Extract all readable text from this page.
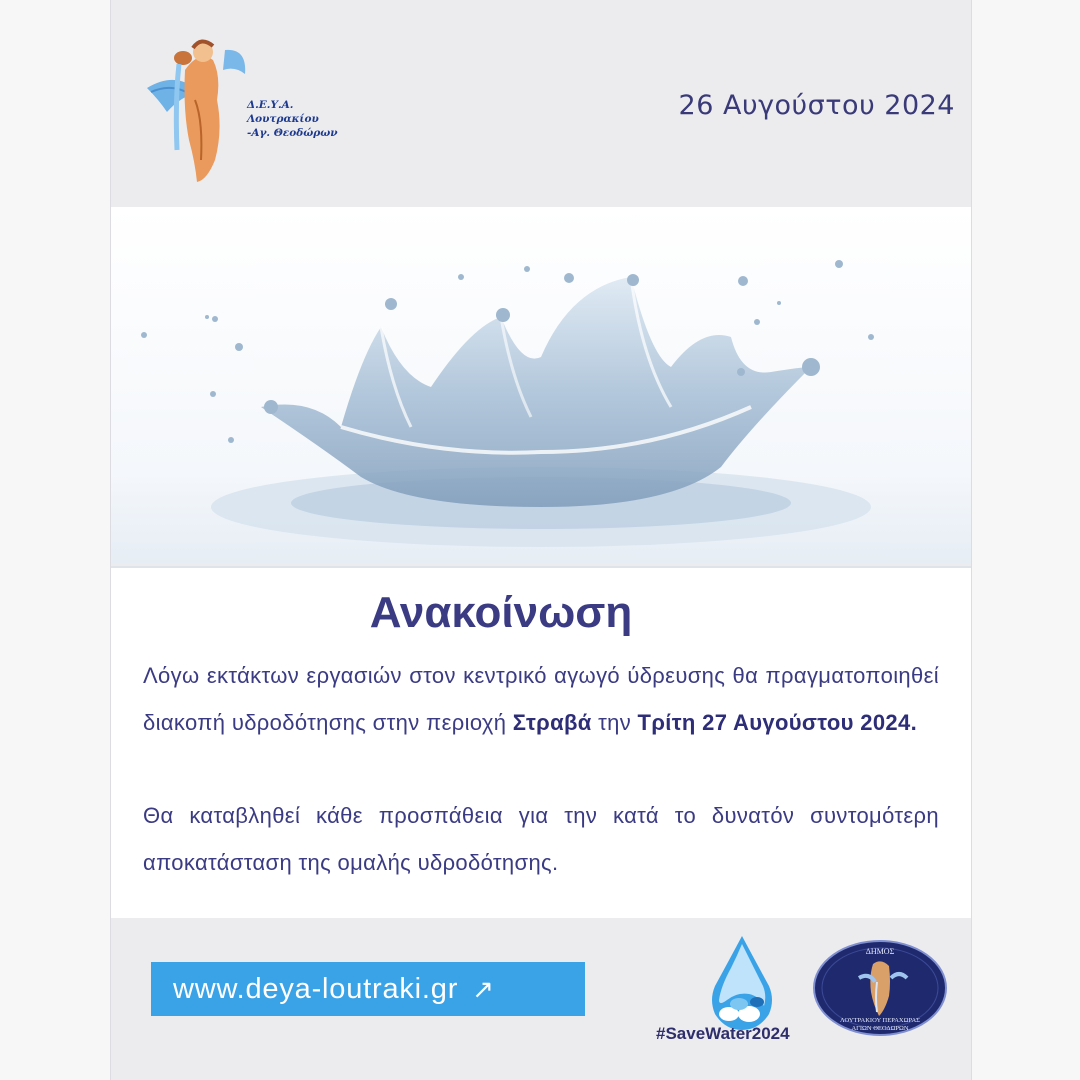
Δ.Ε.Υ.Α. Λουτρακίου
-Αγ. Θεοδώρων
26 Αυγούστου 2024
Ανακοίνωση

Λόγω εκτάκτων εργασιών στον κεντρικό αγωγό ύδρευσης θα πραγματοποιηθεί διακοπή υδροδότησης στην περιοχή Στραβά την Τρίτη 27 Αυγούστου 2024.

Θα καταβληθεί κάθε προσπάθεια για την κατά το δυνατόν συντομότερη αποκατάσταση της ομαλής υδροδότησης.

www.deya-loutraki.gr ↗
#SaveWater2024
ΔΗΜΟΣ
ΛΟΥΤΡΑΚΙΟΥ ΠΕΡΑΧΩΡΑΣ
ΑΓΙΩΝ ΘΕΟΔΩΡΩΝ
